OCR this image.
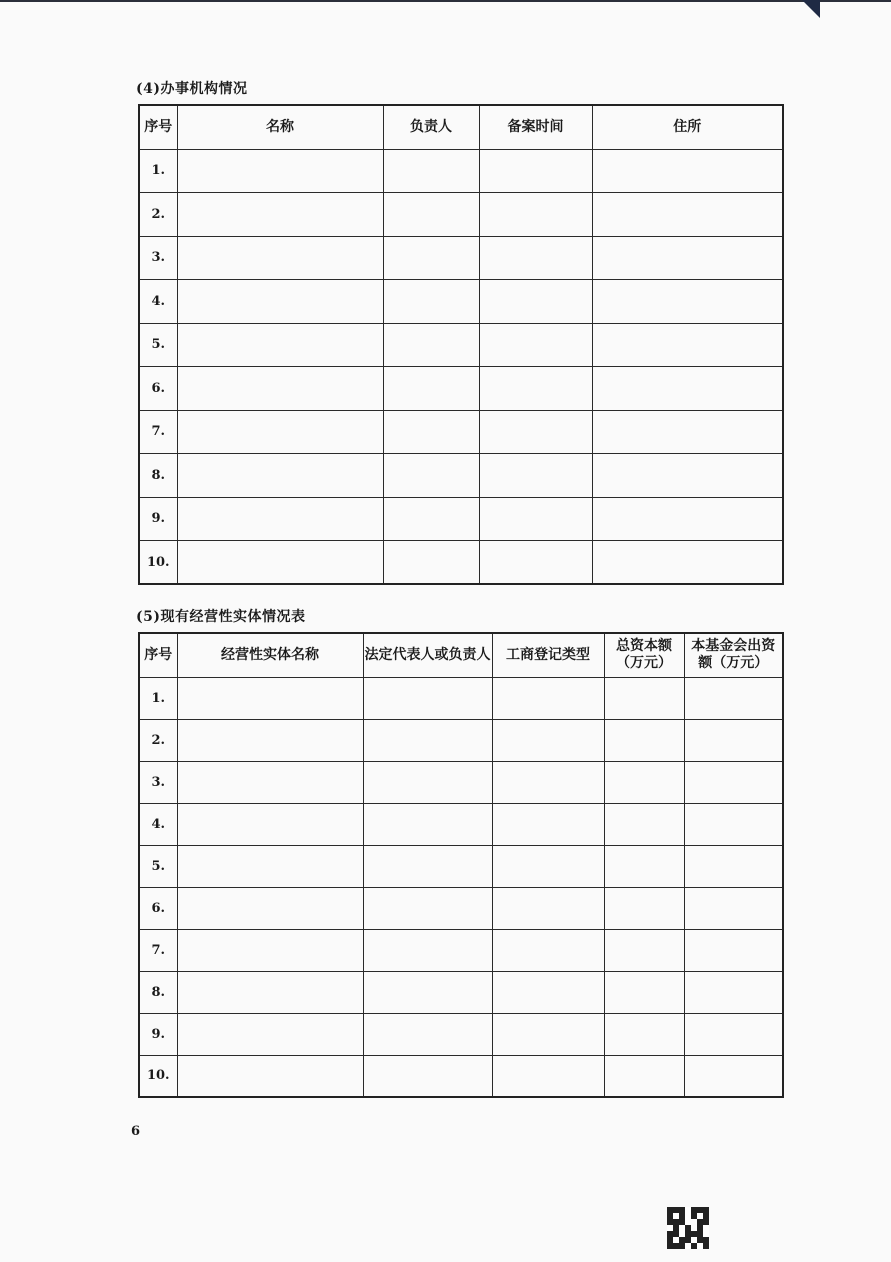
(4)办事机构情况
序号	名称	负责人	备案时间	住所
1.				
2.				
3.				
4.				
5.				
6.				
7.				
8.				
9.				
10.				
(5)现有经营性实体情况表
序号	经营性实体名称	法定代表人或负责人	工商登记类型	总资本额（万元）	本基金会出资额（万元）
1.					
2.					
3.					
4.					
5.					
6.					
7.					
8.					
9.					
10.					
6
